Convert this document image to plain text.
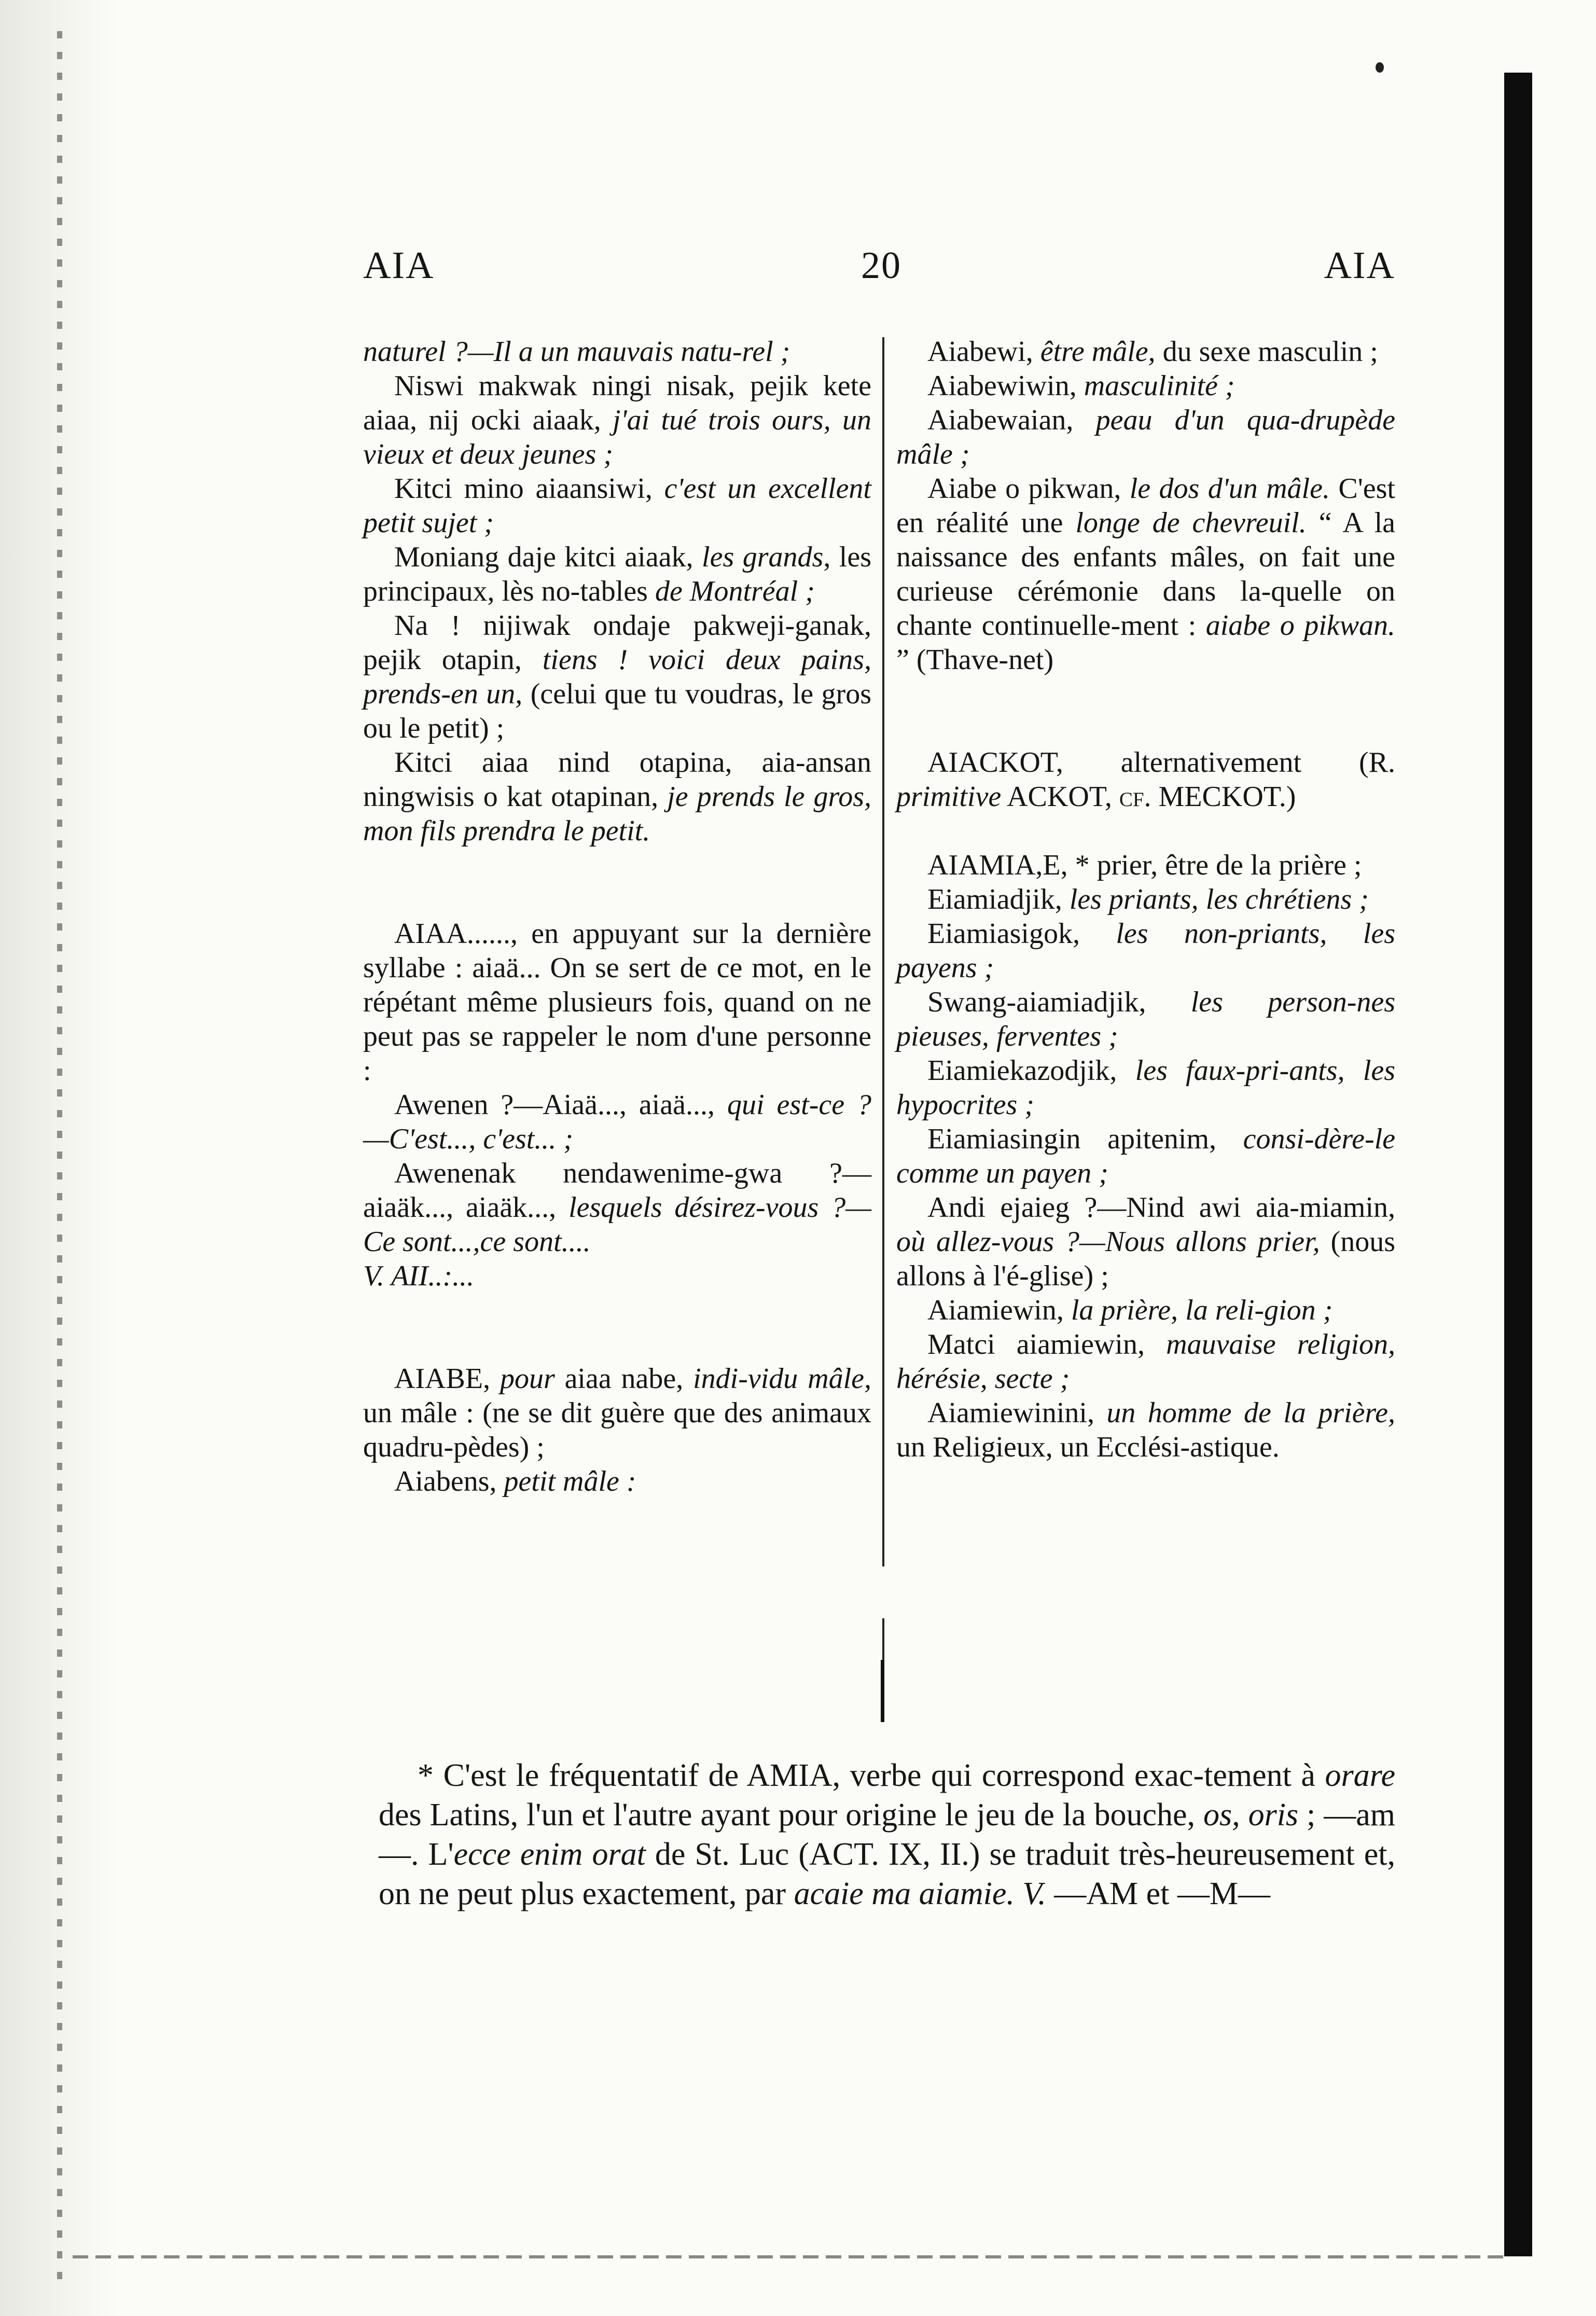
AIA	20	AIA

naturel ?—Il a un mauvais natu-rel ;

Niswi makwak ningi nisak, pejik kete aiaa, nij ocki aiaak, j'ai tué trois ours, un vieux et deux jeunes ;

Kitci mino aiaansiwi, c'est un excellent petit sujet ;

Moniang daje kitci aiaak, les grands, les principaux, lès no-tables de Montréal ;

Na ! nijiwak ondaje pakweji-ganak, pejik otapin, tiens ! voici deux pains, prends-en un, (celui que tu voudras, le gros ou le petit) ;

Kitci aiaa nind otapina, aia-ansan ningwisis o kat otapinan, je prends le gros, mon fils prendra le petit.

AIAA......, en appuyant sur la dernière syllabe : aiaä... On se sert de ce mot, en le répétant même plusieurs fois, quand on ne peut pas se rappeler le nom d'une personne :

Awenen ?—Aiaä..., aiaä..., qui est-ce ?—C'est..., c'est... ;

Awenenak nendawenime-gwa ?—aiaäk..., aiaäk..., lesquels désirez-vous ?—Ce sont...,ce sont....
V. AII..:...

AIABE, pour aiaa nabe, indi-vidu mâle, un mâle : (ne se dit guère que des animaux quadru-pèdes) ;

Aiabens, petit mâle :

Aiabewi, être mâle, du sexe masculin ;

Aiabewiwin, masculinité ;

Aiabewaian, peau d'un qua-drupède mâle ;

Aiabe o pikwan, le dos d'un mâle. C'est en réalité une longe de chevreuil. “ A la naissance des enfants mâles, on fait une curieuse cérémonie dans la-quelle on chante continuelle-ment : aiabe o pikwan. ” (Thave-net)

AIACKOT, alternativement (R. primitive ACKOT, cf. MECKOT.)

AIAMIA,E, * prier, être de la prière ;

Eiamiadjik, les priants, les chrétiens ;

Eiamiasigok, les non-priants, les payens ;

Swang-aiamiadjik, les person-nes pieuses, ferventes ;

Eiamiekazodjik, les faux-pri-ants, les hypocrites ;

Eiamiasingin apitenim, consi-dère-le comme un payen ;

Andi ejaieg ?—Nind awi aia-miamin, où allez-vous ?—Nous allons prier, (nous allons à l'é-glise) ;

Aiamiewin, la prière, la reli-gion ;

Matci aiamiewin, mauvaise religion, hérésie, secte ;

Aiamiewinini, un homme de la prière, un Religieux, un Ecclési-astique.

* C'est le fréquentatif de AMIA, verbe qui correspond exac-tement à orare des Latins, l'un et l'autre ayant pour origine le jeu de la bouche, os, oris ; —am—. L'ecce enim orat de St. Luc (ACT. IX, II.) se traduit très-heureusement et, on ne peut plus exactement, par acaie ma aiamie. V. —AM et —M—
